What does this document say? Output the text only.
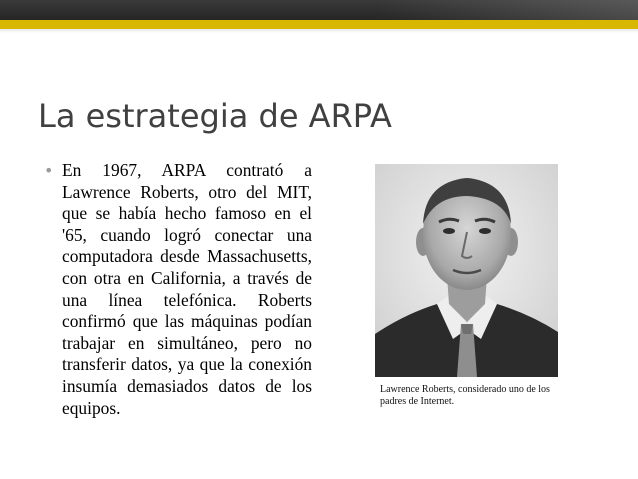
La estrategia de ARPA
• En 1967, ARPA contrató a Lawrence Roberts, otro del MIT, que se había hecho famoso en el '65, cuando logró conectar una computadora desde Massachusetts, con otra en California, a través de una línea telefónica. Roberts confirmó que las máquinas podían trabajar en simultáneo, pero no transferir datos, ya que la conexión insumía demasiados datos de los equipos.

Lawrence Roberts, considerado uno de los padres de Internet.
